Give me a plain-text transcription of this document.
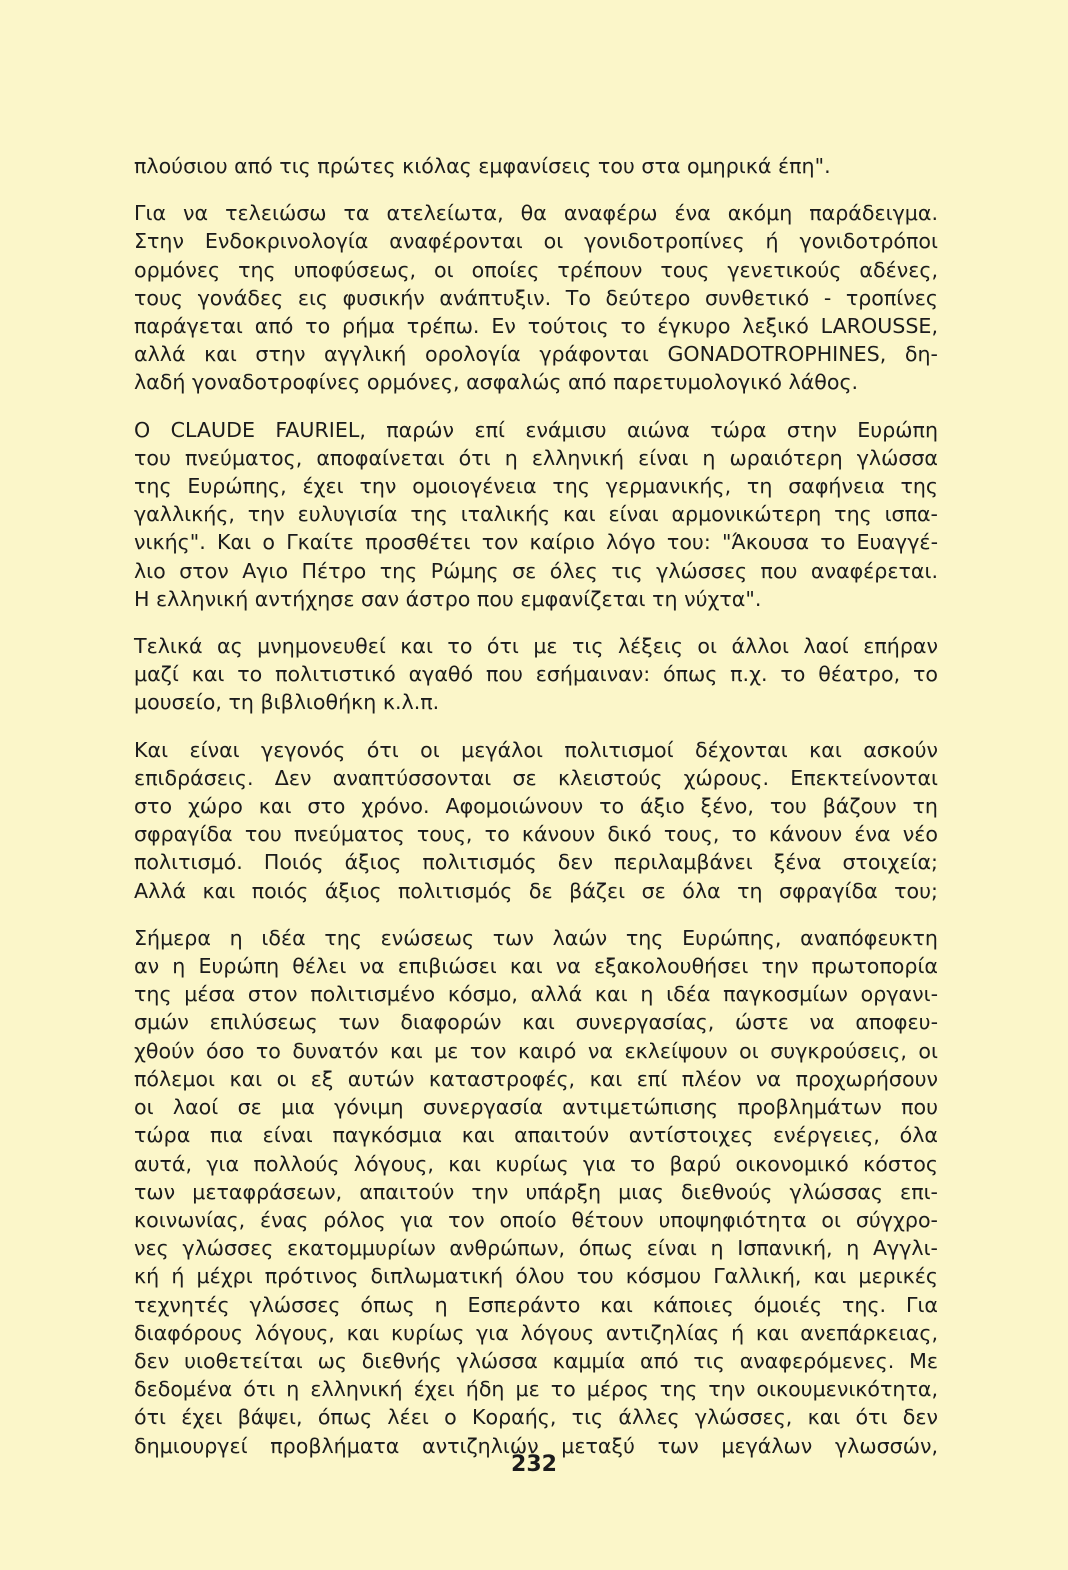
πλούσιου από τις πρώτες κιόλας εμφανίσεις του στα ομηρικά έπη".
Για να τελειώσω τα ατελείωτα, θα αναφέρω ένα ακόμη παράδειγμα.
Στην Ενδοκρινολογία αναφέρονται οι γονιδοτροπίνες ή γονιδοτρόποι
ορμόνες της υποφύσεως, οι οποίες τρέπουν τους γενετικούς αδένες,
τους γονάδες εις φυσικήν ανάπτυξιν. Το δεύτερο συνθετικό - τροπίνες
παράγεται από το ρήμα τρέπω. Εν τούτοις το έγκυρο λεξικό LAROUSSE,
αλλά και στην αγγλική ορολογία γράφονται GONADOTROPHINES, δη-
λαδή γοναδοτροφίνες ορμόνες, ασφαλώς από παρετυμολογικό λάθος.
Ο CLAUDE FAURIEL, παρών επί ενάμισυ αιώνα τώρα στην Ευρώπη
του πνεύματος, αποφαίνεται ότι η ελληνική είναι η ωραιότερη γλώσσα
της Ευρώπης, έχει την ομοιογένεια της γερμανικής, τη σαφήνεια της
γαλλικής, την ευλυγισία της ιταλικής και είναι αρμονικώτερη της ισπα-
νικής". Και ο Γκαίτε προσθέτει τον καίριο λόγο του: "Άκουσα το Ευαγγέ-
λιο στον Αγιο Πέτρο της Ρώμης σε όλες τις γλώσσες που αναφέρεται.
Η ελληνική αντήχησε σαν άστρο που εμφανίζεται τη νύχτα".
Τελικά ας μνημονευθεί και το ότι με τις λέξεις οι άλλοι λαοί επήραν
μαζί και το πολιτιστικό αγαθό που εσήμαιναν: όπως π.χ. το θέατρο, το
μουσείο, τη βιβλιοθήκη κ.λ.π.
Και είναι γεγονός ότι οι μεγάλοι πολιτισμοί δέχονται και ασκούν
επιδράσεις. Δεν αναπτύσσονται σε κλειστούς χώρους. Επεκτείνονται
στο χώρο και στο χρόνο. Αφομοιώνουν το άξιο ξένο, του βάζουν τη
σφραγίδα του πνεύματος τους, το κάνουν δικό τους, το κάνουν ένα νέο
πολιτισμό. Ποιός άξιος πολιτισμός δεν περιλαμβάνει ξένα στοιχεία;
Αλλά και ποιός άξιος πολιτισμός δε βάζει σε όλα τη σφραγίδα του;
Σήμερα η ιδέα της ενώσεως των λαών της Ευρώπης, αναπόφευκτη
αν η Ευρώπη θέλει να επιβιώσει και να εξακολουθήσει την πρωτοπορία
της μέσα στον πολιτισμένο κόσμο, αλλά και η ιδέα παγκοσμίων οργανι-
σμών επιλύσεως των διαφορών και συνεργασίας, ώστε να αποφευ-
χθούν όσο το δυνατόν και με τον καιρό να εκλείψουν οι συγκρούσεις, οι
πόλεμοι και οι εξ αυτών καταστροφές, και επί πλέον να προχωρήσουν
οι λαοί σε μια γόνιμη συνεργασία αντιμετώπισης προβλημάτων που
τώρα πια είναι παγκόσμια και απαιτούν αντίστοιχες ενέργειες, όλα
αυτά, για πολλούς λόγους, και κυρίως για το βαρύ οικονομικό κόστος
των μεταφράσεων, απαιτούν την υπάρξη μιας διεθνούς γλώσσας επι-
κοινωνίας, ένας ρόλος για τον οποίο θέτουν υποψηφιότητα οι σύγχρο-
νες γλώσσες εκατομμυρίων ανθρώπων, όπως είναι η Ισπανική, η Αγγλι-
κή ή μέχρι πρότινος διπλωματική όλου του κόσμου Γαλλική, και μερικές
τεχνητές γλώσσες όπως η Εσπεράντο και κάποιες όμοιές της. Για
διαφόρους λόγους, και κυρίως για λόγους αντιζηλίας ή και ανεπάρκειας,
δεν υιοθετείται ως διεθνής γλώσσα καμμία από τις αναφερόμενες. Με
δεδομένα ότι η ελληνική έχει ήδη με το μέρος της την οικουμενικότητα,
ότι έχει βάψει, όπως λέει ο Κοραής, τις άλλες γλώσσες, και ότι δεν
δημιουργεί προβλήματα αντιζηλιών μεταξύ των μεγάλων γλωσσών,
232
